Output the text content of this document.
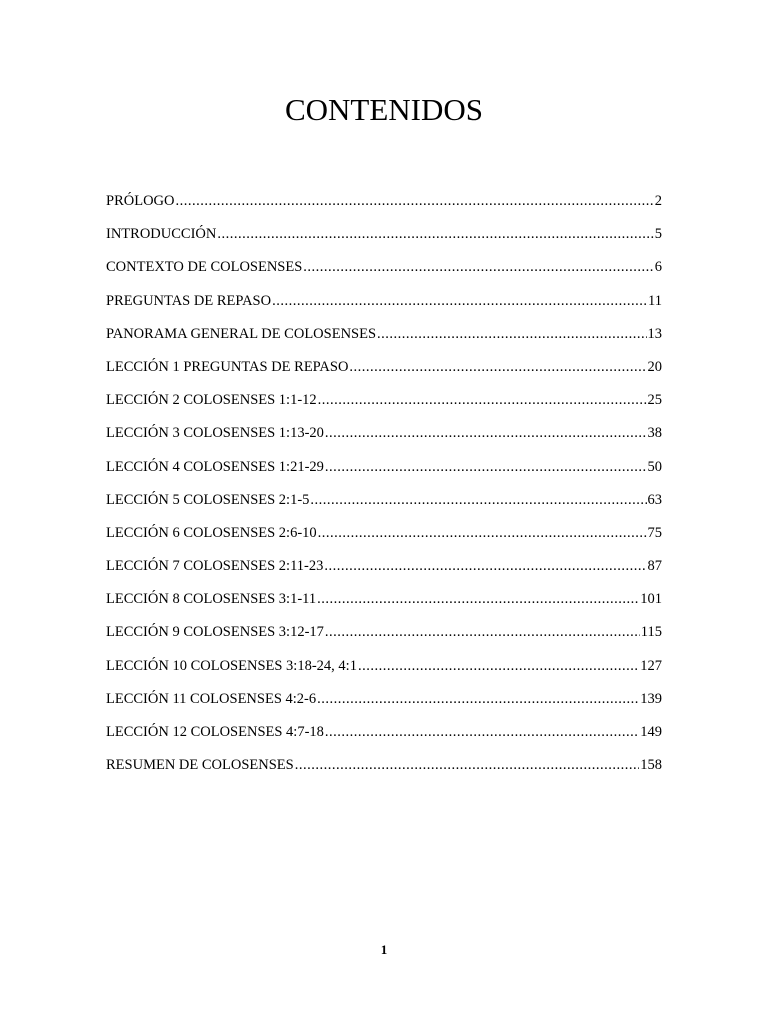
CONTENIDOS
PRÓLOGO .....	2
INTRODUCCIÓN .....	5
CONTEXTO DE COLOSENSES .....	6
PREGUNTAS DE REPASO .....	11
PANORAMA GENERAL DE COLOSENSES .....	13
LECCIÓN 1 PREGUNTAS DE REPASO .....	20
LECCIÓN 2 COLOSENSES 1:1-12 .....	25
LECCIÓN 3 COLOSENSES 1:13-20 .....	38
LECCIÓN 4 COLOSENSES 1:21-29 .....	50
LECCIÓN 5 COLOSENSES 2:1-5 .....	63
LECCIÓN 6 COLOSENSES 2:6-10 .....	75
LECCIÓN 7 COLOSENSES 2:11-23 .....	87
LECCIÓN 8 COLOSENSES 3:1-11 .....	101
LECCIÓN 9 COLOSENSES 3:12-17 .....	115
LECCIÓN 10 COLOSENSES 3:18-24, 4:1 .....	127
LECCIÓN 11 COLOSENSES 4:2-6 .....	139
LECCIÓN 12 COLOSENSES 4:7-18 .....	149
RESUMEN DE COLOSENSES .....	158
1
